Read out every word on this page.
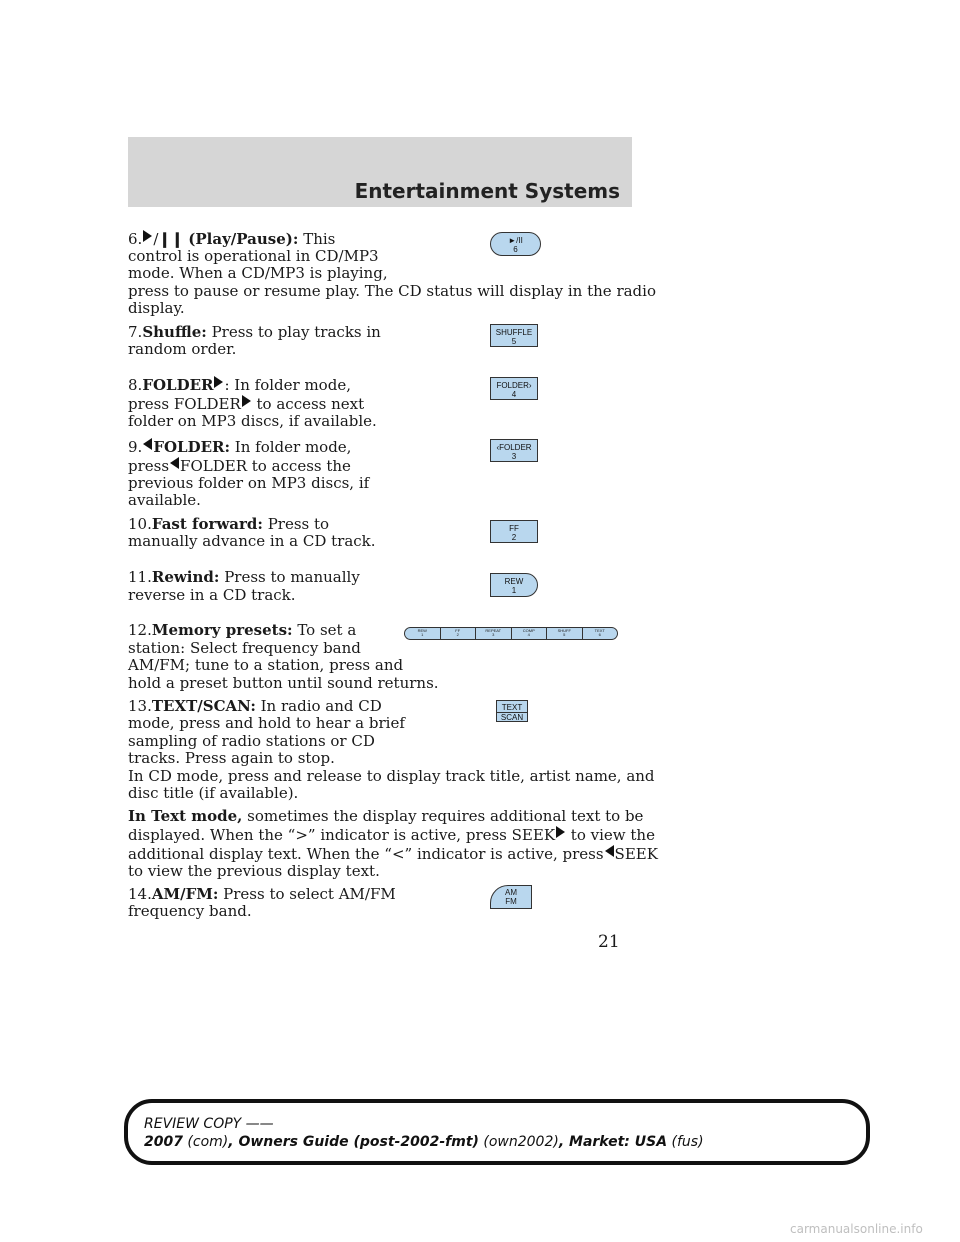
Entertainment Systems
6. /❙❙ (Play/Pause): This
control is operational in CD/MP3
mode. When a CD/MP3 is playing,
press to pause or resume play. The CD status will display in the radio
display.
►/II
6
7.Shuffle: Press to play tracks in
random order.
SHUFFLE
5
8.FOLDER : In folder mode,
press FOLDER to access next
folder on MP3 discs, if available.
FOLDER›
4
9. FOLDER: In folder mode,
press FOLDER to access the
previous folder on MP3 discs, if
available.
‹FOLDER
3
10.Fast forward: Press to
manually advance in a CD track.
FF
2
11.Rewind: Press to manually
reverse in a CD track.
REW
1
12.Memory presets: To set a
station: Select frequency band
AM/FM; tune to a station, press and
hold a preset button until sound returns.
REW
1
FF
2
REPEAT
3
COMP
4
SHUFF
5
TEXT
6
13.TEXT/SCAN: In radio and CD
mode, press and hold to hear a brief
sampling of radio stations or CD
tracks. Press again to stop.
In CD mode, press and release to display track title, artist name, and
disc title (if available).
TEXT
SCAN
In Text mode, sometimes the display requires additional text to be
displayed. When the “>” indicator is active, press SEEK to view the
additional display text. When the “<” indicator is active, press SEEK
to view the previous display text.
14.AM/FM: Press to select AM/FM
frequency band.
AM
FM
21
REVIEW COPY ——
2007 (com), Owners Guide (post-2002-fmt) (own2002), Market: USA (fus)
carmanualsonline.info
